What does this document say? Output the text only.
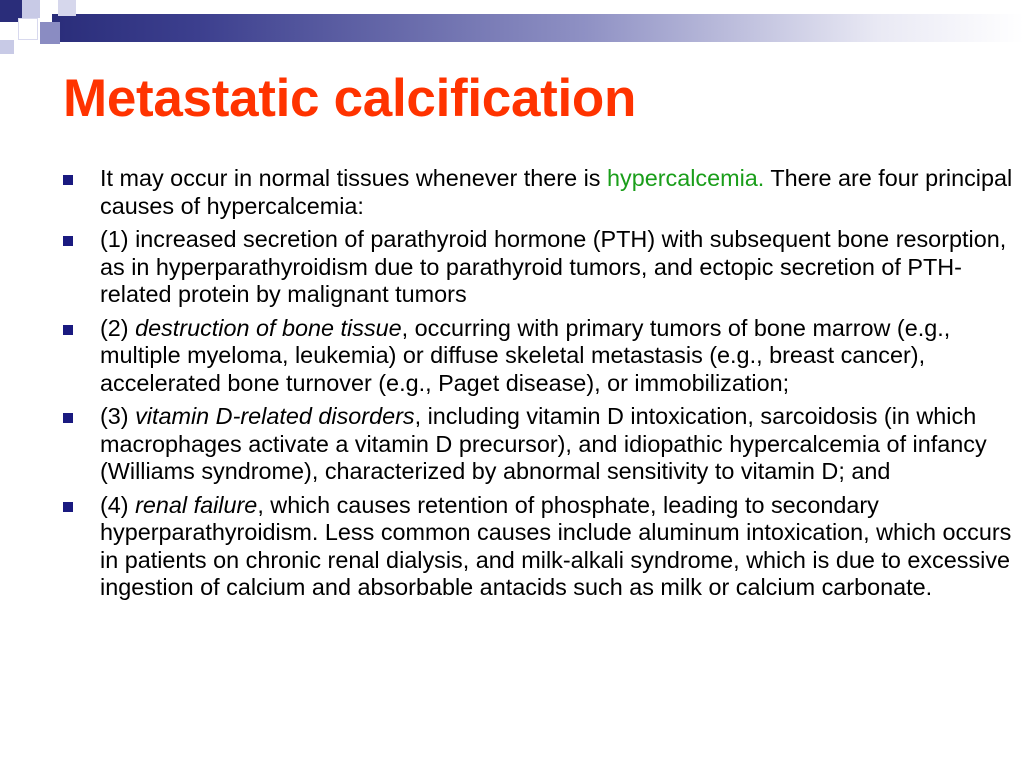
Metastatic calcification
It may occur in normal tissues whenever there is hypercalcemia. There are four principal causes of hypercalcemia:
(1) increased secretion of parathyroid hormone (PTH) with subsequent bone resorption, as in hyperparathyroidism due to parathyroid tumors, and ectopic secretion of PTH-related protein by malignant tumors
(2) destruction of bone tissue, occurring with primary tumors of bone marrow (e.g., multiple myeloma, leukemia) or diffuse skeletal metastasis (e.g., breast cancer), accelerated bone turnover (e.g., Paget disease), or immobilization;
(3) vitamin D-related disorders, including vitamin D intoxication, sarcoidosis (in which macrophages activate a vitamin D precursor), and idiopathic hypercalcemia of infancy (Williams syndrome), characterized by abnormal sensitivity to vitamin D; and
(4) renal failure, which causes retention of phosphate, leading to secondary hyperparathyroidism. Less common causes include aluminum intoxication, which occurs in patients on chronic renal dialysis, and milk-alkali syndrome, which is due to excessive ingestion of calcium and absorbable antacids such as milk or calcium carbonate.
